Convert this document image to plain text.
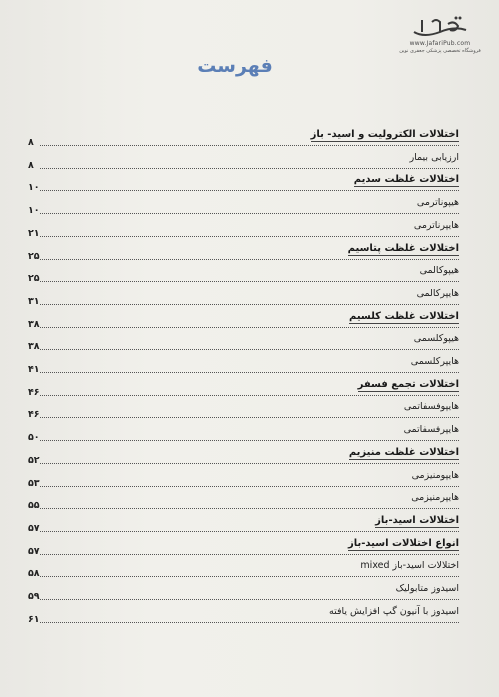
www.JafariPub.com
فروشگاه تخصصی پزشکی جعفری نوین
فهرست
اختلالات الکترولیت و اسید- باز
۸
ارزیابی بیمار
۸
اختلالات غلظت سدیم
۱۰
هیپوناترمی
۱۰
هایپرناترمی
۲۱
اختلالات غلظت پتاسیم
۲۵
هیپوکالمی
۲۵
هایپرکالمی
۳۱
اختلالات غلظت کلسیم
۳۸
هیپوکلسمی
۳۸
هایپرکلسمی
۴۱
اختلالات تجمع فسفر
۴۶
هایپوفسفاتمی
۴۶
هایپرفسفاتمی
۵۰
اختلالات غلظت منیزیم
۵۲
هایپومنیزمی
۵۳
هایپرمنیزمی
۵۵
اختلالات اسید-باز
۵۷
انواع اختلالات اسید-باز
۵۷
اختلالات اسید-باز mixed
۵۸
اسیدوز متابولیک
۵۹
اسیدوز با آنیون گپ افزایش یافته
۶۱
